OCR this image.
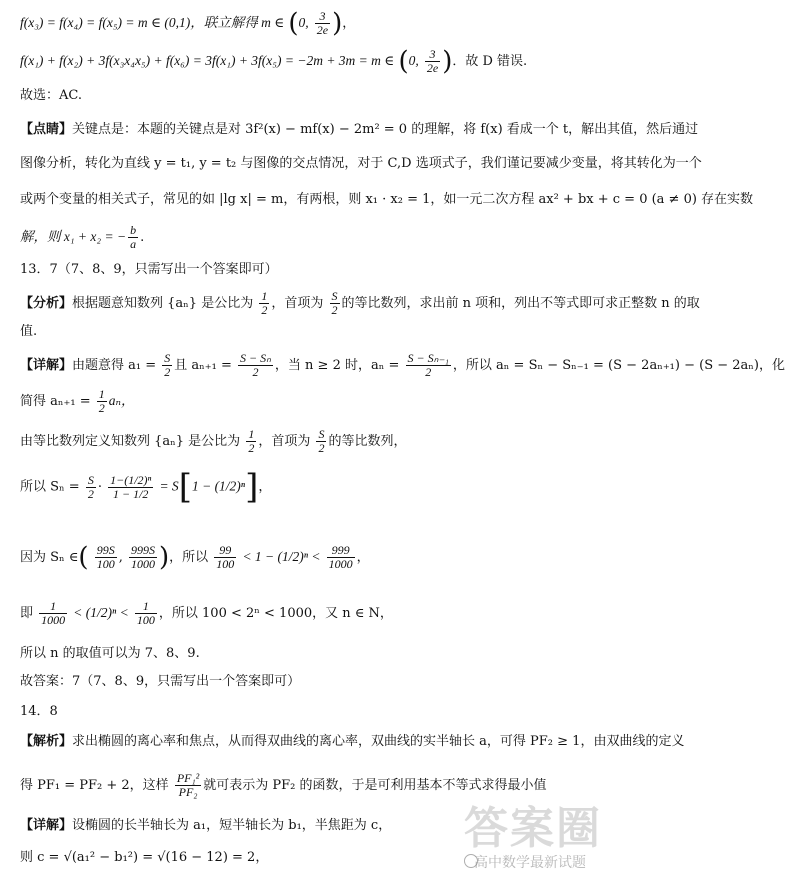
f(x₃) = f(x₄) = f(x₅) = m ∈ (0,1)，联立解得 m ∈ (0, $\frac{3}{2e}$ )，
f(x₁) + f(x₂) + 3f(x₃x₄x₅) + f(x₆) = 3f(x₁) + 3f(x₅) = −2m + 3m = m ∈ (0, $\frac{3}{2e}$ )．故 D 错误.
故选：AC.
【点睛】关键点是：本题的关键点是对 3f²(x) − mf(x) − 2m² = 0 的理解，将 f(x) 看成一个 t，解出其值，然后通过
图像分析，转化为直线 y = t₁, y = t₂ 与图像的交点情况，对于 C,D 选项式子，我们谨记要减少变量，将其转化为一个
或两个变量的相关式子，常见的如 |lg x| = m，有两根，则 x₁ · x₂ = 1，如一元二次方程 ax² + bx + c = 0 (a ≠ 0) 存在实数
解，则 x₁ + x₂ = − $\frac{b}{a}$ .
13．7（7、8、9，只需写出一个答案即可）
【分析】根据题意知数列 {aₙ} 是公比为 $\frac{1}{2}$ ，首项为 $\frac{S}{2}$ 的等比数列，求出前 n 项和，列出不等式即可求正整数 n 的取
值.
【详解】由题意得 $a_1 = \frac{S}{2}$ 且 $a_{n+1} = \frac{\text{S − Sₙ}}{2}$ ，当 n ≥ 2 时，$a_n = \frac{\text{S − Sₙ₋₁}}{2}$ ，所以 aₙ = Sₙ − Sₙ₋₁ = (S − 2aₙ₊₁) − (S − 2aₙ)，化
简得 $a_{n+1} = \frac{1}{2}$ aₙ，
由等比数列定义知数列 {aₙ} 是公比为 $\frac{1}{2}$ ，首项为 $\frac{S}{2}$ 的等比数列，
所以 $S_n = \frac{S}{2} \cdot \frac{\text{1−(1/2)ⁿ}}{1 - 1/2} = S[1 - (1/2)^n]$，
因为 Sₙ ∈( $\frac{99S}{100}$ , $\frac{999S}{1000}$ )，所以 $\frac{99}{100} < 1 - (1/2)^n < \frac{999}{1000}$ ，
即 $\frac{1}{1000} < (1/2)^n < \frac{1}{100}$ ，所以 100 < 2ⁿ < 1000，又 n ∈ N，
所以 n 的取值可以为 7、8、9.
故答案：7（7、8、9，只需写出一个答案即可）
14．8
【解析】求出椭圆的离心率和焦点，从而得双曲线的离心率，双曲线的实半轴长 a，可得 PF₂ ≥ 1，由双曲线的定义
得 PF₁ = PF₂ + 2，这样 $\frac{\text{PF₁²}}{\text{PF₂}}$ 就可表示为 PF₂ 的函数，于是可利用基本不等式求得最小值
【详解】设椭圆的长半轴长为 a₁，短半轴长为 b₁，半焦距为 c，
则 c = √(a₁² − b₁²) = √(16 − 12) = 2，
答案圈
高中数学最新试题
